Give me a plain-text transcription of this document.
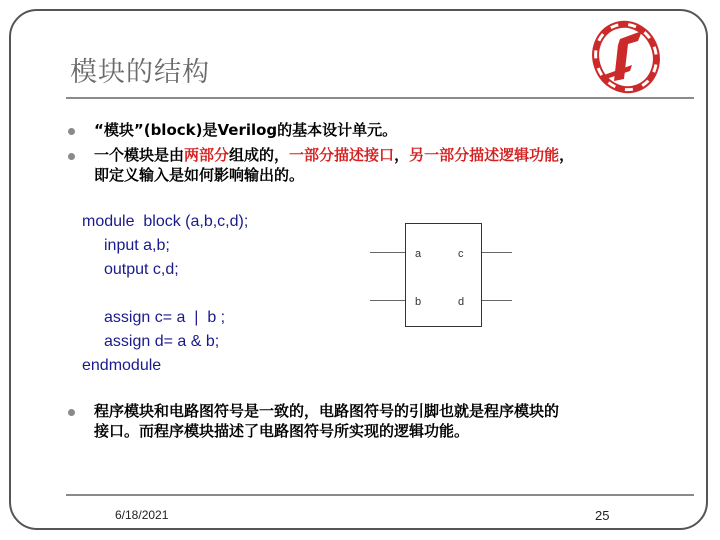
模块的结构
“模块”(block)是Verilog的基本设计单元。
一个模块是由两部分组成的，一部分描述接口，另一部分描述逻辑功能，
即定义输入是如何影响输出的。
module  block (a,b,c,d);
input a,b;
output c,d;
assign c= a  |  b ;
assign d= a & b;
endmodule
a	c
b	d
程序模块和电路图符号是一致的，电路图符号的引脚也就是程序模块的
接口。而程序模块描述了电路图符号所实现的逻辑功能。
6/18/2021	25
